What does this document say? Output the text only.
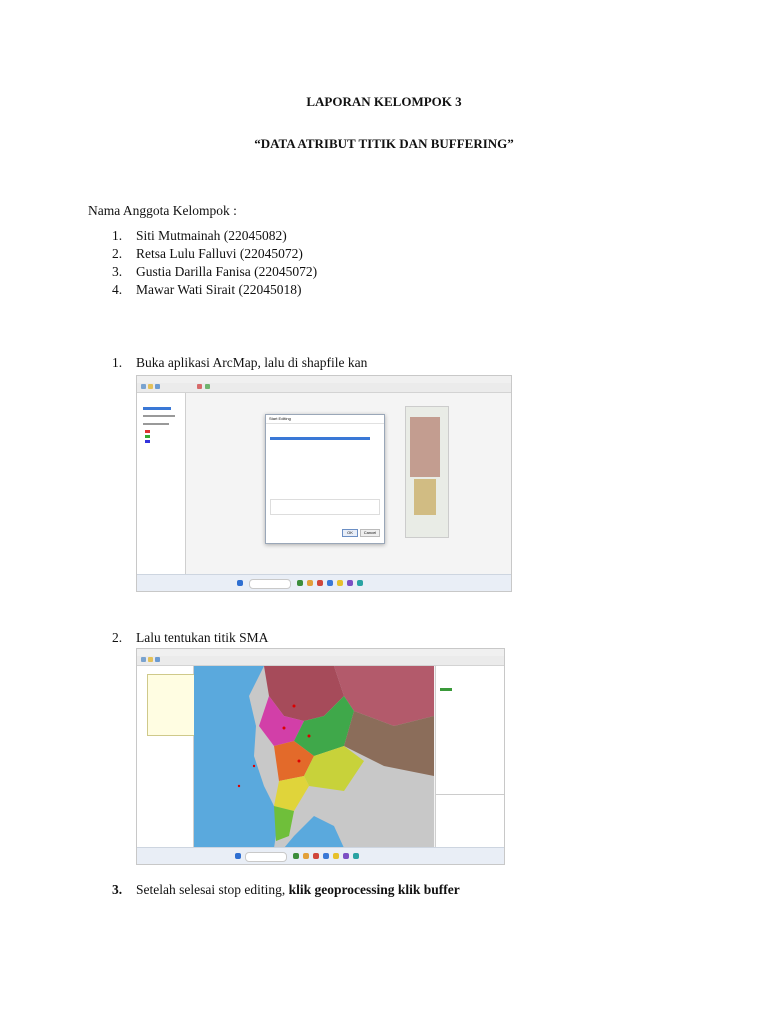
LAPORAN KELOMPOK 3
“DATA ATRIBUT TITIK DAN BUFFERING”
Nama Anggota Kelompok :
1. Siti Mutmainah (22045082)
2. Retsa Lulu Falluvi (22045072)
3. Gustia Darilla Fanisa (22045072)
4. Mawar Wati Sirait (22045018)
1. Buka aplikasi ArcMap, lalu di shapfile kan
Start Editing
OK	Cancel
2. Lalu tentukan titik SMA
3. Setelah selesai stop editing, klik geoprocessing klik buffer
